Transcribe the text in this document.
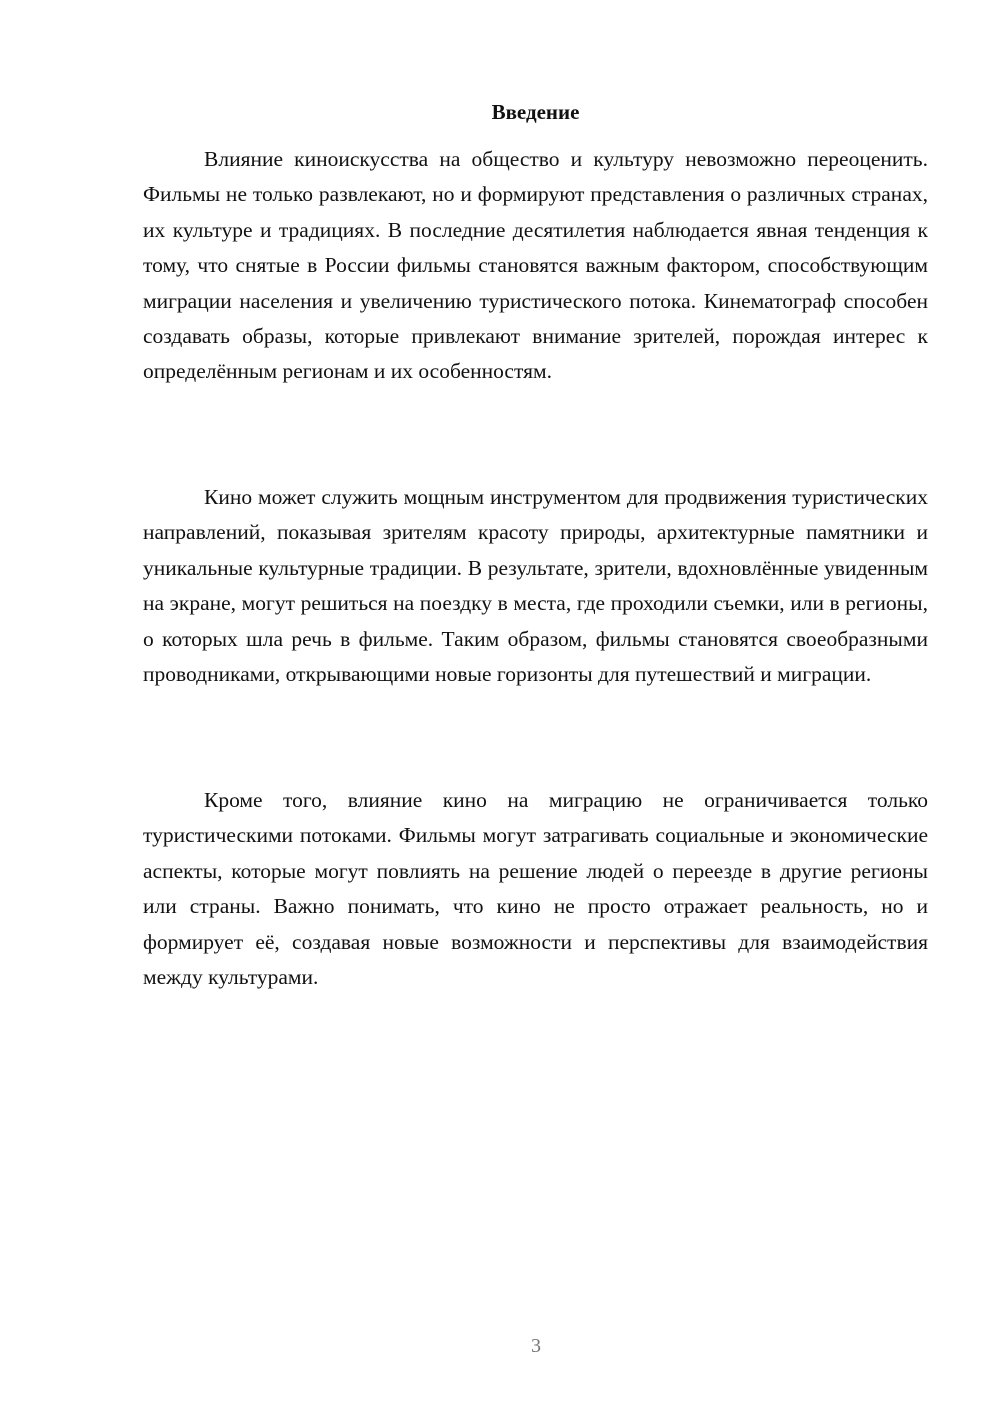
Введение

Влияние киноискусства на общество и культуру невозможно переоценить. Фильмы не только развлекают, но и формируют представления о различных странах, их культуре и традициях. В последние десятилетия наблюдается явная тенденция к тому, что снятые в России фильмы становятся важным фактором, способствующим миграции населения и увеличению туристического потока. Кинематограф способен создавать образы, которые привлекают внимание зрителей, порождая интерес к определённым регионам и их особенностям.

Кино может служить мощным инструментом для продвижения туристических направлений, показывая зрителям красоту природы, архитектурные памятники и уникальные культурные традиции. В результате, зрители, вдохновлённые увиденным на экране, могут решиться на поездку в места, где проходили съемки, или в регионы, о которых шла речь в фильме. Таким образом, фильмы становятся своеобразными проводниками, открывающими новые горизонты для путешествий и миграции.

Кроме того, влияние кино на миграцию не ограничивается только туристическими потоками. Фильмы могут затрагивать социальные и экономические аспекты, которые могут повлиять на решение людей о переезде в другие регионы или страны. Важно понимать, что кино не просто отражает реальность, но и формирует её, создавая новые возможности и перспективы для взаимодействия между культурами.

3
